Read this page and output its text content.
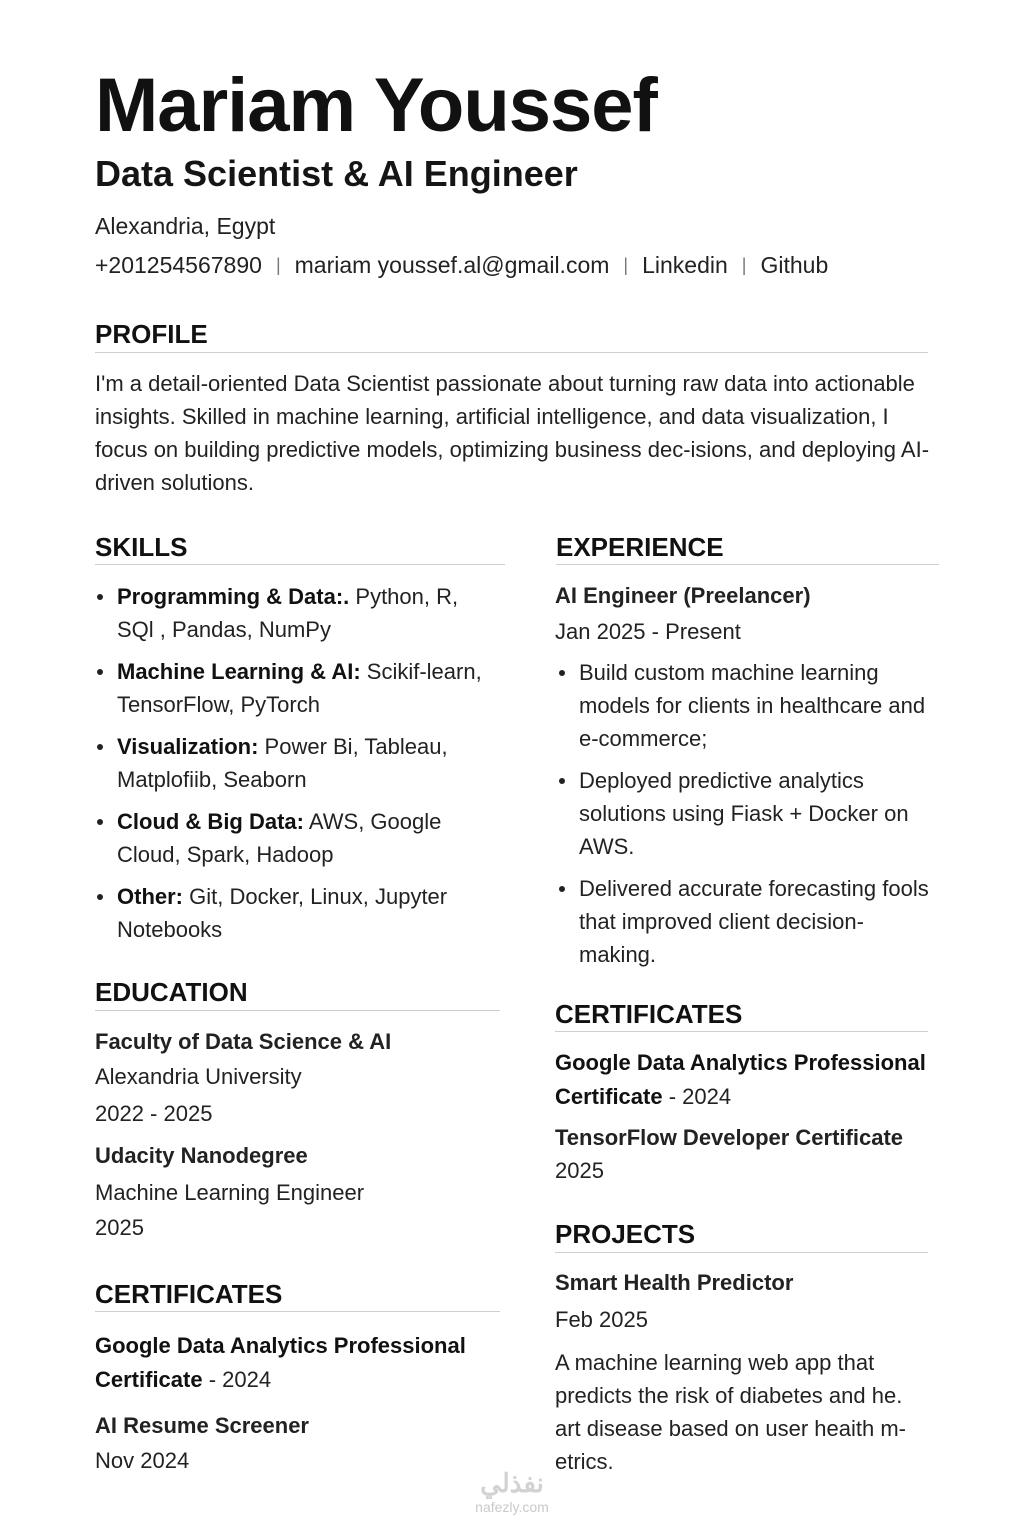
Mariam Youssef
Data Scientist & AI Engineer
Alexandria, Egypt
+201254567890 | mariam youssef.al@gmail.com | Linkedin | Github
PROFILE
I'm a detail-oriented Data Scientist passionate about turning raw data into actionable insights. Skilled in machine learning, artificial intelligence, and data visualization, I focus on building predictive models, optimizing business dec-isions, and deploying AI-driven solutions.
SKILLS
Programming & Data:. Python, R, SQl , Pandas, NumPy
Machine Learning & AI: Scikif-learn, TensorFlow, PyTorch
Visualization: Power Bi, Tableau, Matplofiib, Seaborn
Cloud & Big Data: AWS, Google Cloud, Spark, Hadoop
Other: Git, Docker, Linux, Jupyter Notebooks
EDUCATION
Faculty of Data Science & AI
Alexandria University
2022 - 2025
Udacity Nanodegree
Machine Learning Engineer
2025
CERTIFICATES
Google Data Analytics Professional Certificate - 2024
AI Resume Screener
Nov 2024
EXPERIENCE
AI Engineer (Preelancer)
Jan 2025 - Present
Build custom machine learning models for clients in healthcare and e-commerce;
Deployed predictive analytics solutions using Fiask + Docker on AWS.
Delivered accurate forecasting fools that improved client decision-making.
CERTIFICATES
Google Data Analytics Professional Certificate - 2024
TensorFlow Developer Certificate
2025
PROJECTS
Smart Health Predictor
Feb 2025
A machine learning web app that predicts the risk of diabetes and he. art disease based on user heaith m-etrics.
نفذلي
nafezly.com
